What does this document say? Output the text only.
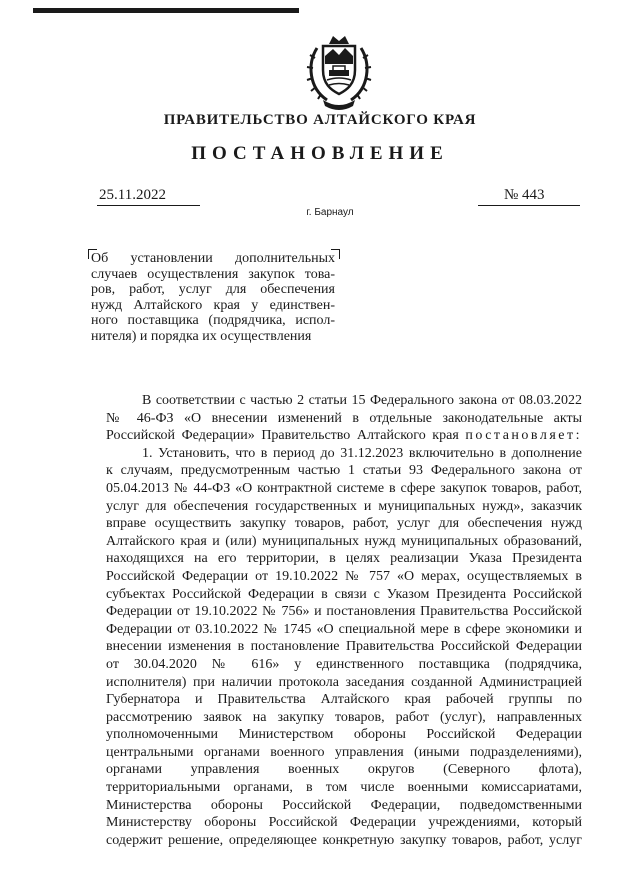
ПРАВИТЕЛЬСТВО АЛТАЙСКОГО КРАЯ
ПОСТАНОВЛЕНИЕ
25.11.2022	№ 443
г. Барнаул
Об установлении дополнительных
случаев осуществления закупок това-
ров, работ, услуг для обеспечения
нужд Алтайского края у единствен-
ного поставщика (подрядчика, испол-
нителя) и порядка их осуществления
В соответствии с частью 2 статьи 15 Федерального закона от 08.03.2022
№ 46-ФЗ «О внесении изменений в отдельные законодательные акты
Российской Федерации» Правительство Алтайского края постановляет:
1. Установить, что в период до 31.12.2023 включительно в дополнение
к случаям, предусмотренным частью 1 статьи 93 Федерального закона от
05.04.2013 № 44-ФЗ «О контрактной системе в сфере закупок товаров, работ,
услуг для обеспечения государственных и муниципальных нужд», заказчик
вправе осуществить закупку товаров, работ, услуг для обеспечения нужд
Алтайского края и (или) муниципальных нужд муниципальных образований,
находящихся на его территории, в целях реализации Указа Президента
Российской Федерации от 19.10.2022 № 757 «О мерах, осуществляемых в
субъектах Российской Федерации в связи с Указом Президента Российской
Федерации от 19.10.2022 № 756» и постановления Правительства Российской
Федерации от 03.10.2022 № 1745 «О специальной мере в сфере экономики и
внесении изменения в постановление Правительства Российской Федерации
от 30.04.2020 № 616» у единственного поставщика (подрядчика,
исполнителя) при наличии протокола заседания созданной Администрацией
Губернатора и Правительства Алтайского края рабочей группы по
рассмотрению заявок на закупку товаров, работ (услуг), направленных
уполномоченными Министерством обороны Российской Федерации
центральными органами военного управления (иными подразделениями),
органами управления военных округов (Северного флота),
территориальными органами, в том числе военными комиссариатами,
Министерства обороны Российской Федерации, подведомственными
Министерству обороны Российской Федерации учреждениями, который
содержит решение, определяющее конкретную закупку товаров, работ, услуг
